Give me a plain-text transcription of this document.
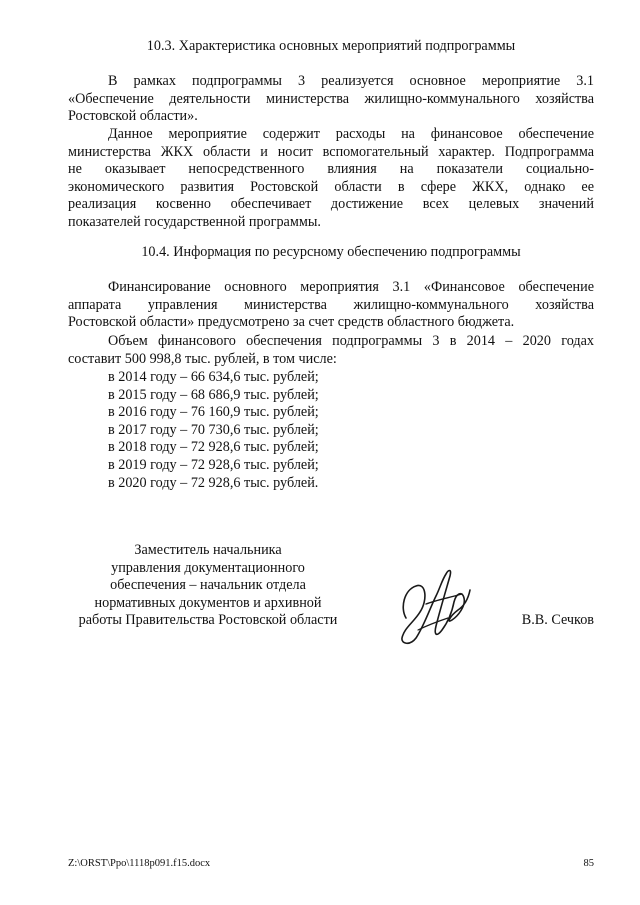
10.3. Характеристика основных мероприятий подпрограммы
В рамках подпрограммы 3 реализуется основное мероприятие 3.1
«Обеспечение деятельности министерства жилищно-коммунального хозяйства
Ростовской области».
Данное мероприятие содержит расходы на финансовое обеспечение
министерства ЖКХ области и носит вспомогательный характер. Подпрограмма
не оказывает непосредственного влияния на показатели социально-
экономического развития Ростовской области в сфере ЖКХ, однако ее
реализация косвенно обеспечивает достижение всех целевых значений
показателей государственной программы.
10.4. Информация по ресурсному обеспечению подпрограммы
Финансирование основного мероприятия 3.1 «Финансовое обеспечение
аппарата управления министерства жилищно-коммунального хозяйства
Ростовской области» предусмотрено за счет средств областного бюджета.
Объем финансового обеспечения подпрограммы 3 в 2014 – 2020 годах
составит 500 998,8 тыс. рублей, в том числе:
в 2014 году – 66 634,6 тыс. рублей;
в 2015 году – 68 686,9 тыс. рублей;
в 2016 году – 76 160,9 тыс. рублей;
в 2017 году – 70 730,6 тыс. рублей;
в 2018 году – 72 928,6 тыс. рублей;
в 2019 году – 72 928,6 тыс. рублей;
в 2020 году – 72 928,6 тыс. рублей.
Заместитель начальника
управления документационного
обеспечения – начальник отдела
нормативных документов и архивной
работы Правительства Ростовской области	В.В. Сечков
Z:\ORST\Ppo\1118p091.f15.docx	85
